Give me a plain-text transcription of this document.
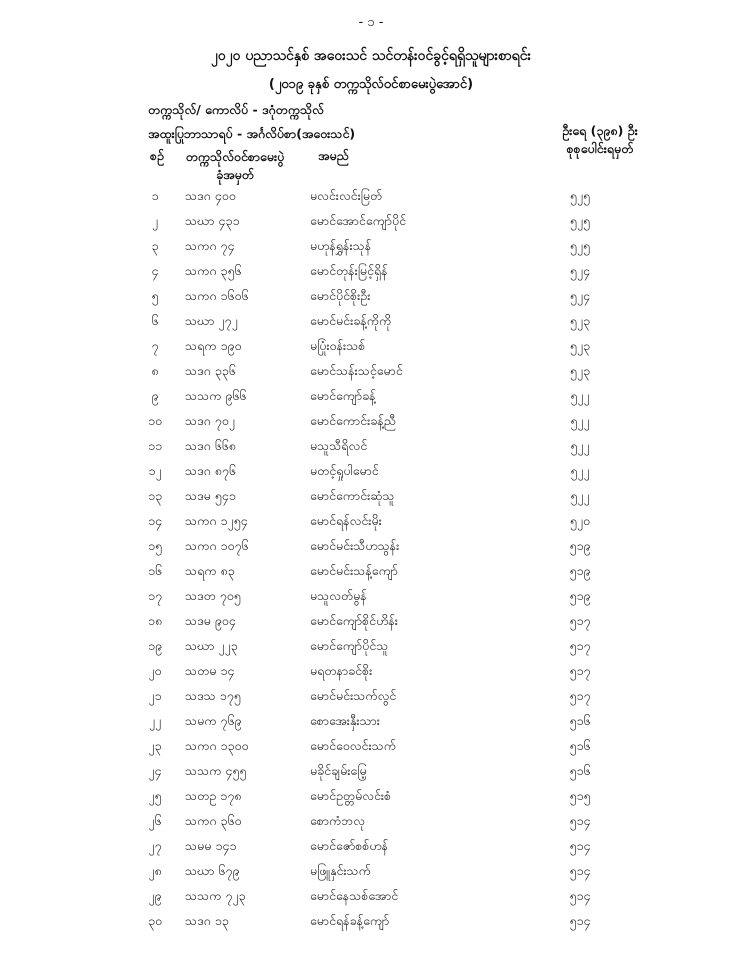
- ၁ -
၂၀၂၀ ပညာသင်နှစ် အဝေးသင် သင်တန်းဝင်ခွင့်ရရှိသူများစာရင်း
(၂၀၁၉ ခုနှစ် တက္ကသိုလ်ဝင်စာမေးပွဲအောင်)
တက္ကသိုလ်/ ကောလိပ် - ဒဂုံတက္ကသိုလ်
အထူးပြုဘာသာရပ် - အင်္ဂလိပ်စာ(အဝေးသင်)	ဦးရေ (၃၉၈) ဦး
စုစုပေါင်းရမှတ်
စဉ်	တက္ကသိုလ်ဝင်စာမေးပွဲ
ခုံအမှတ်
အမည်
၁	သဒဂ ၄၀၀	မလင်းလင်းမြတ်	၅၂၅
၂	သဃာ ၄၃၁	မောင်အောင်ကျော်ပိုင်	၅၂၅
၃	သကဂ ၇၄	မဟုန်ရွှန်းသုန်	၅၂၅
၄	သကဂ ၃၅၆	မောင်တုန်းမြင့်ရှိန်	၅၂၄
၅	သကဂ ၁၆၀၆	မောင်ပိုင်စိုးဦး	၅၂၄
၆	သဃာ ၂၇၂	မောင်မင်းခန့်ကိုကို	၅၂၃
၇	သရက ၁၉၀	မပြုံးဝန်းသစ်	၅၂၃
၈	သဒဂ ၃၃၆	မောင်သန်းသင့်မောင်	၅၂၃
၉	သသက ၉၆၆	မောင်ကျော်ခန့်	၅၂၂
၁၀	သဒဂ ၇၀၂	မောင်ကောင်းခန့်ညီ	၅၂၂
၁၁	သဒဂ ၆၆၈	မသူသီရိလင်	၅၂၂
၁၂	သဒဂ ၈၇၆	မတင့်ရှုပါမောင်	၅၂၂
၁၃	သဒမ ၅၄၁	မောင်ကောင်းဆုံသူ	၅၂၂
၁၄	သကဂ ၁၂၅၄	မောင်ရန်လင်းမိုး	၅၂၀
၁၅	သကဂ ၁၀၇၆	မောင်မင်းသီဟသွန်း	၅၁၉
၁၆	သရက ၈၃	မောင်မင်းသန့်ကျော်	၅၁၉
၁၇	သဒတ ၇၀၅	မသူလတ်မွန်	၅၁၉
၁၈	သဒမ ၉၀၄	မောင်ကျော်စိုင်ဟိန်း	၅၁၇
၁၉	သဃာ ၂၂၃	မောင်ကျော်ပိုင်သူ	၅၁၇
၂၀	သတမ ၁၄	မရတနာခင်စိုး	၅၁၇
၂၁	သဒသ ၁၇၅	မောင်မင်းသက်လွင်	၅၁၇
၂၂	သမက ၇၆၉	စောအေးနှီးသား	၅၁၆
၂၃	သကဂ ၁၃၀၀	မောင်ဝေလင်းသက်	၅၁၆
၂၄	သသက ၄၅၅	မခိုင်ချမ်းမြေ့	၅၁၆
၂၅	သတဥ ၁၇၈	မောင်ဥတ္တမ်လင်းစံ	၅၁၅
၂၆	သကဂ ၃၆၀	စောကံဘလု	၅၁၄
၂၇	သမမ ၁၄၁	မောင်ဇော်စစ်ဟန်	၅၁၄
၂၈	သဃာ ၆၇၉	မဖြူနှင်းသက်	၅၁၄
၂၉	သသက ၇၂၃	မောင်နေသစ်အောင်	၅၁၄
၃၀	သဒဂ ၁၃	မောင်ရန်ခန့်ကျော်	၅၁၄
